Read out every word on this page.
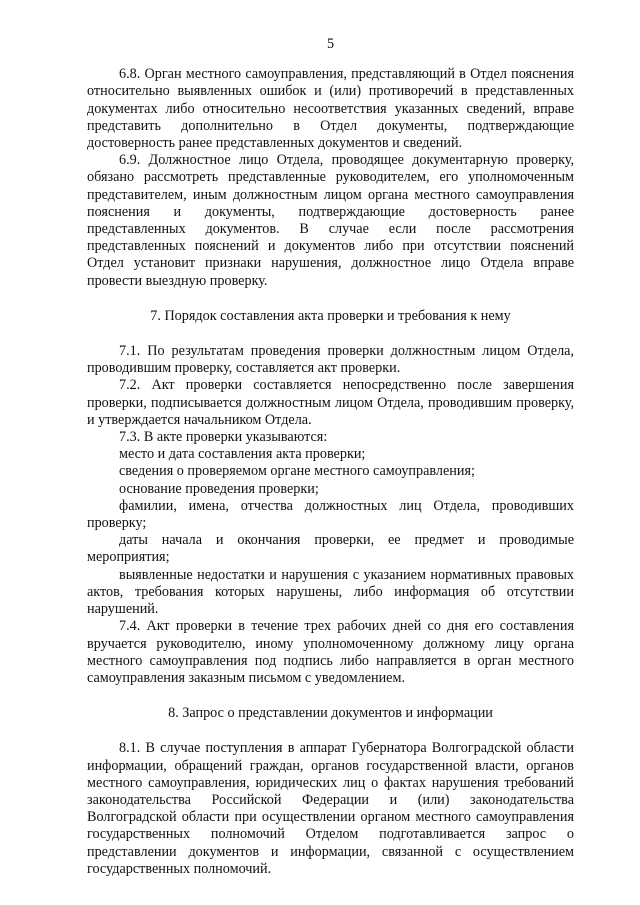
5

6.8. Орган местного самоуправления, представляющий в Отдел пояснения относительно выявленных ошибок и (или) противоречий в представленных документах либо относительно несоответствия указанных сведений, вправе представить дополнительно в Отдел документы, подтверждающие достоверность ранее представленных документов и сведений.

6.9. Должностное лицо Отдела, проводящее документарную проверку, обязано рассмотреть представленные руководителем, его уполномоченным представителем, иным должностным лицом органа местного самоуправления пояснения и документы, подтверждающие достоверность ранее представленных документов. В случае если после рассмотрения представленных пояснений и документов либо при отсутствии пояснений Отдел установит признаки нарушения, должностное лицо Отдела вправе провести выездную проверку.

7. Порядок составления акта проверки и требования к нему

7.1. По результатам проведения проверки должностным лицом Отдела, проводившим проверку, составляется акт проверки.

7.2. Акт проверки составляется непосредственно после завершения проверки, подписывается должностным лицом Отдела, проводившим проверку, и утверждается начальником Отдела.

7.3. В акте проверки указываются:

место и дата составления акта проверки;

сведения о проверяемом органе местного самоуправления;

основание проведения проверки;

фамилии, имена, отчества должностных лиц Отдела, проводивших проверку;

даты начала и окончания проверки, ее предмет и проводимые мероприятия;

выявленные недостатки и нарушения с указанием нормативных правовых актов, требования которых нарушены, либо информация об отсутствии нарушений.

7.4. Акт проверки в течение трех рабочих дней со дня его составления вручается руководителю, иному уполномоченному должному лицу органа местного самоуправления под подпись либо направляется в орган местного самоуправления заказным письмом с уведомлением.

8. Запрос о представлении документов и информации

8.1. В случае поступления в аппарат Губернатора Волгоградской области информации, обращений граждан, органов государственной власти, органов местного самоуправления, юридических лиц о фактах нарушения требований законодательства Российской Федерации и (или) законодательства Волгоградской области при осуществлении органом местного самоуправления государственных полномочий Отделом подготавливается запрос о представлении документов и информации, связанной с осуществлением государственных полномочий.
